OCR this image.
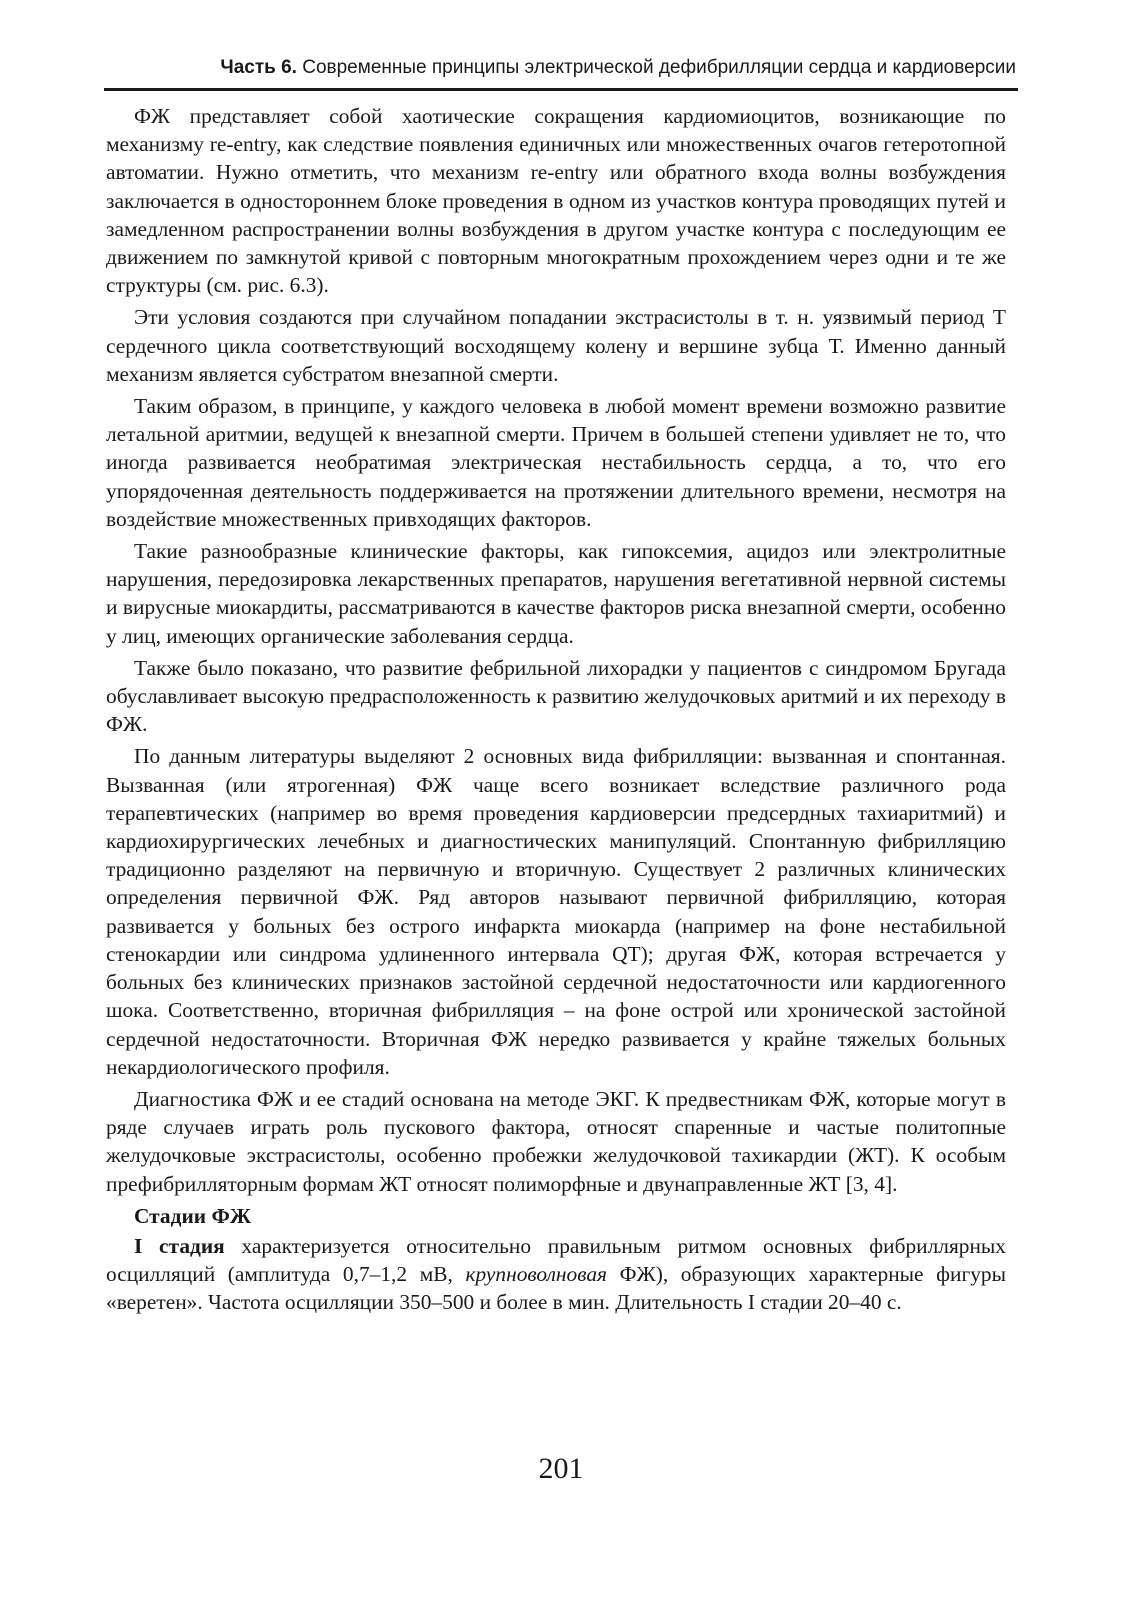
Часть 6. Современные принципы электрической дефибрилляции сердца и кардиоверсии

ФЖ представляет собой хаотические сокращения кардиомиоцитов, возникающие по механизму re-entry, как следствие появления единичных или множественных очагов гетеротопной автоматии. Нужно отметить, что механизм re-entry или обратного входа волны возбуждения заключается в одностороннем блоке проведения в одном из участков контура проводящих путей и замедленном распространении волны возбуждения в другом участке контура с последующим ее движением по замкнутой кривой с повторным многократным прохождением через одни и те же структуры (см. рис. 6.3).

Эти условия создаются при случайном попадании экстрасистолы в т. н. уязвимый период Т сердечного цикла соответствующий восходящему колену и вершине зубца Т. Именно данный механизм является субстратом внезапной смерти.

Таким образом, в принципе, у каждого человека в любой момент времени возможно развитие летальной аритмии, ведущей к внезапной смерти. Причем в большей степени удивляет не то, что иногда развивается необратимая электрическая нестабильность сердца, а то, что его упорядоченная деятельность поддерживается на протяжении длительного времени, несмотря на воздействие множественных привходящих факторов.

Такие разнообразные клинические факторы, как гипоксемия, ацидоз или электролитные нарушения, передозировка лекарственных препаратов, нарушения вегетативной нервной системы и вирусные миокардиты, рассматриваются в качестве факторов риска внезапной смерти, особенно у лиц, имеющих органические заболевания сердца.

Также было показано, что развитие фебрильной лихорадки у пациентов с синдромом Бругада обуславливает высокую предрасположенность к развитию желудочковых аритмий и их переходу в ФЖ.

По данным литературы выделяют 2 основных вида фибрилляции: вызванная и спонтанная. Вызванная (или ятрогенная) ФЖ чаще всего возникает вследствие различного рода терапевтических (например во время проведения кардиоверсии предсердных тахиаритмий) и кардиохирургических лечебных и диагностических манипуляций. Спонтанную фибрилляцию традиционно разделяют на первичную и вторичную. Существует 2 различных клинических определения первичной ФЖ. Ряд авторов называют первичной фибрилляцию, которая развивается у больных без острого инфаркта миокарда (например на фоне нестабильной стенокардии или синдрома удлиненного интервала QT); другая ФЖ, которая встречается у больных без клинических признаков застойной сердечной недостаточности или кардиогенного шока. Соответственно, вторичная фибрилляция – на фоне острой или хронической застойной сердечной недостаточности. Вторичная ФЖ нередко развивается у крайне тяжелых больных некардиологического профиля.

Диагностика ФЖ и ее стадий основана на методе ЭКГ. К предвестникам ФЖ, которые могут в ряде случаев играть роль пускового фактора, относят спаренные и частые политопные желудочковые экстрасистолы, особенно пробежки желудочковой тахикардии (ЖТ). К особым префибрилляторным формам ЖТ относят полиморфные и двунаправленные ЖТ [3, 4].

Стадии ФЖ

I стадия характеризуется относительно правильным ритмом основных фибриллярных осцилляций (амплитуда 0,7–1,2 мВ, крупноволновая ФЖ), образующих характерные фигуры «веретен». Частота осцилляции 350–500 и более в мин. Длительность I стадии 20–40 с.

201
